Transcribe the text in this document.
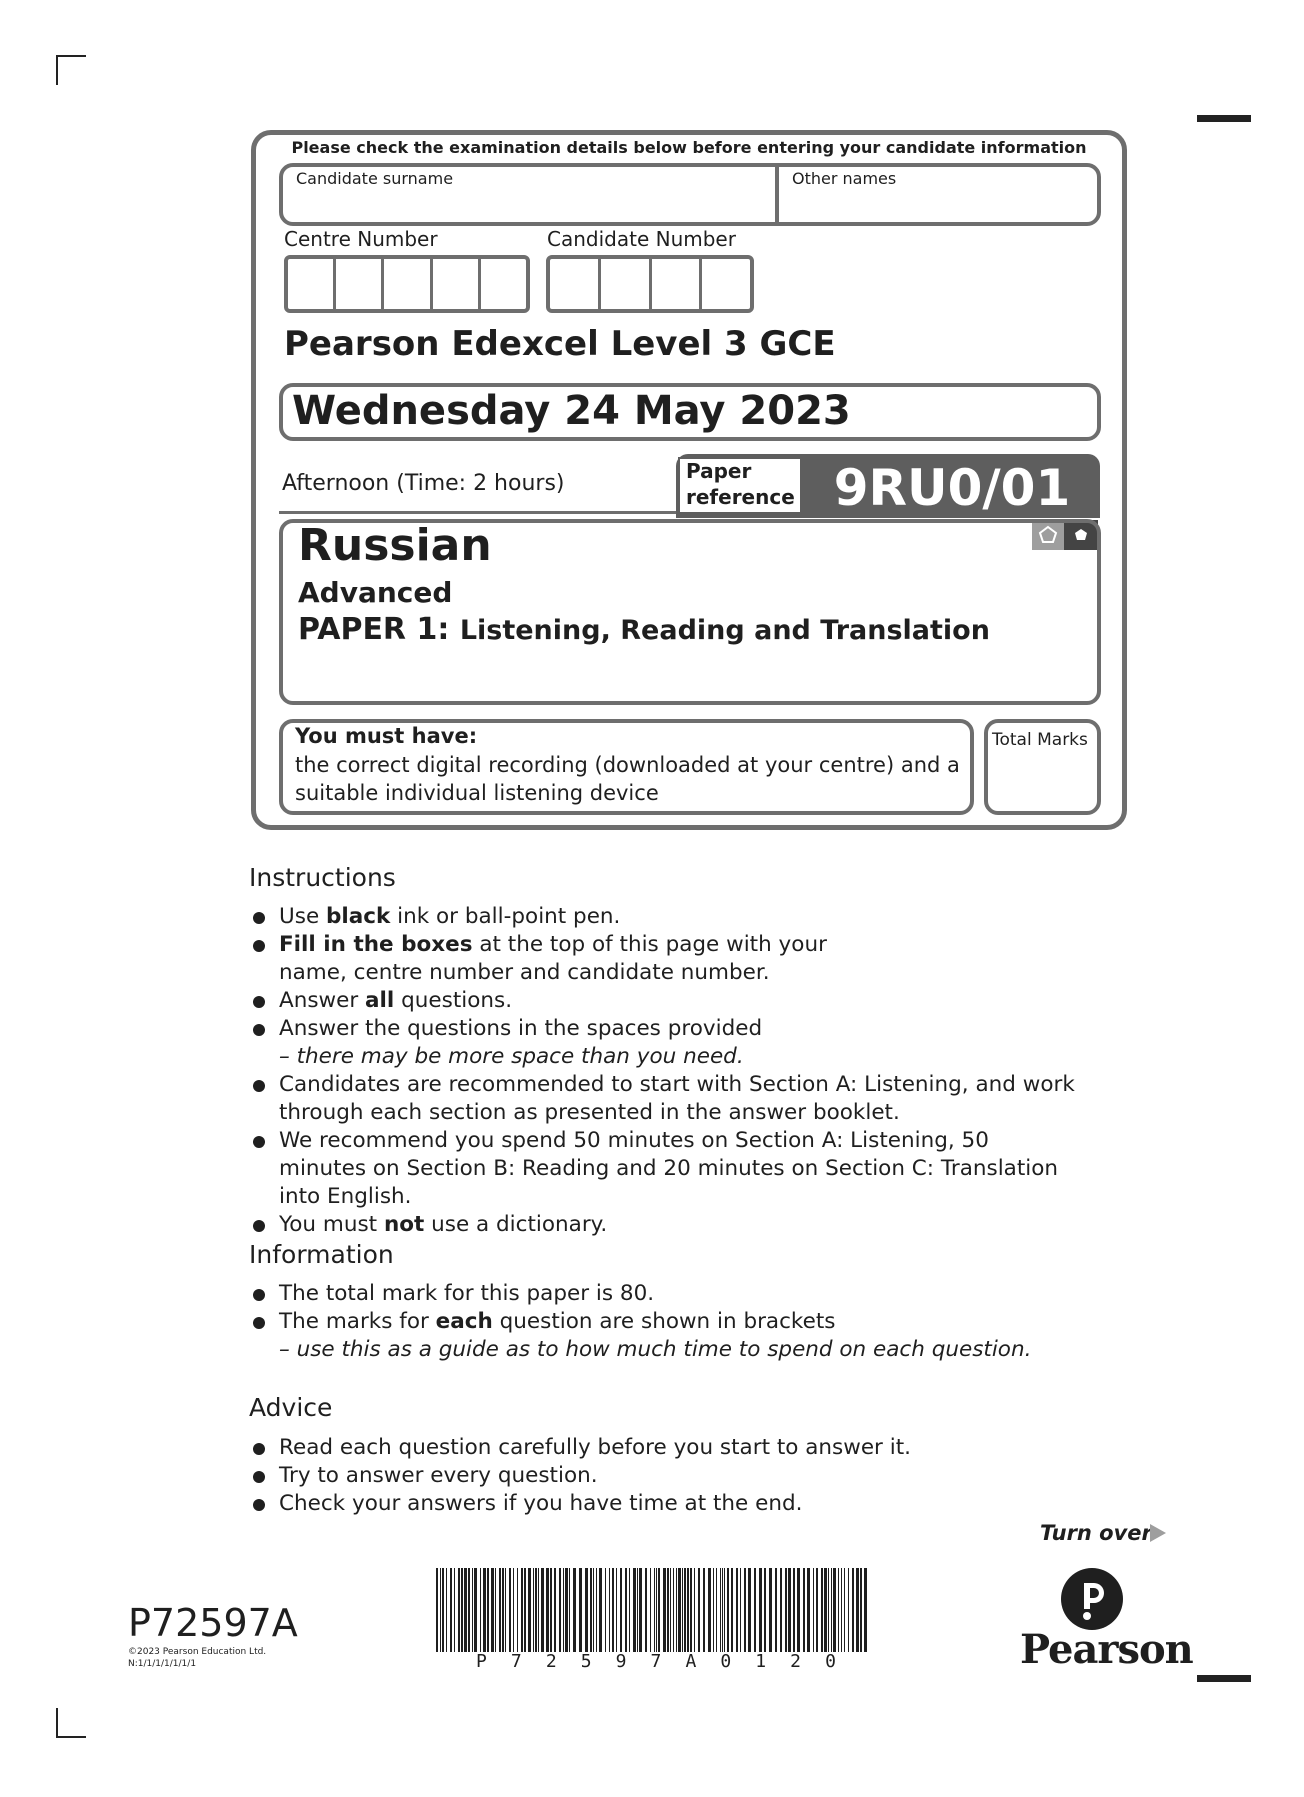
Please check the examination details below before entering your candidate information
Candidate surname	Other names
Centre Number	Candidate Number
Pearson Edexcel Level 3 GCE
Wednesday 24 May 2023
Afternoon (Time: 2 hours)	Paper
reference 9RU0/01
Russian
Advanced
PAPER 1: Listening, Reading and Translation
You must have:
the correct digital recording (downloaded at your centre) and a suitable individual listening device
Total Marks
Instructions
Use black ink or ball-point pen.
Fill in the boxes at the top of this page with your name, centre number and candidate number.
Answer all questions.
Answer the questions in the spaces provided
– there may be more space than you need.
Candidates are recommended to start with Section A: Listening, and work through each section as presented in the answer booklet.
We recommend you spend 50 minutes on Section A: Listening, 50 minutes on Section B: Reading and 20 minutes on Section C: Translation into English.
You must not use a dictionary.
Information
The total mark for this paper is 80.
The marks for each question are shown in brackets
– use this as a guide as to how much time to spend on each question.
Advice
Read each question carefully before you start to answer it.
Try to answer every question.
Check your answers if you have time at the end.
Turn over
P72597A
©2023 Pearson Education Ltd.
N:1/1/1/1/1/1/1	P 7 2 5 9 7 A 0 1 2 0	Pearson
